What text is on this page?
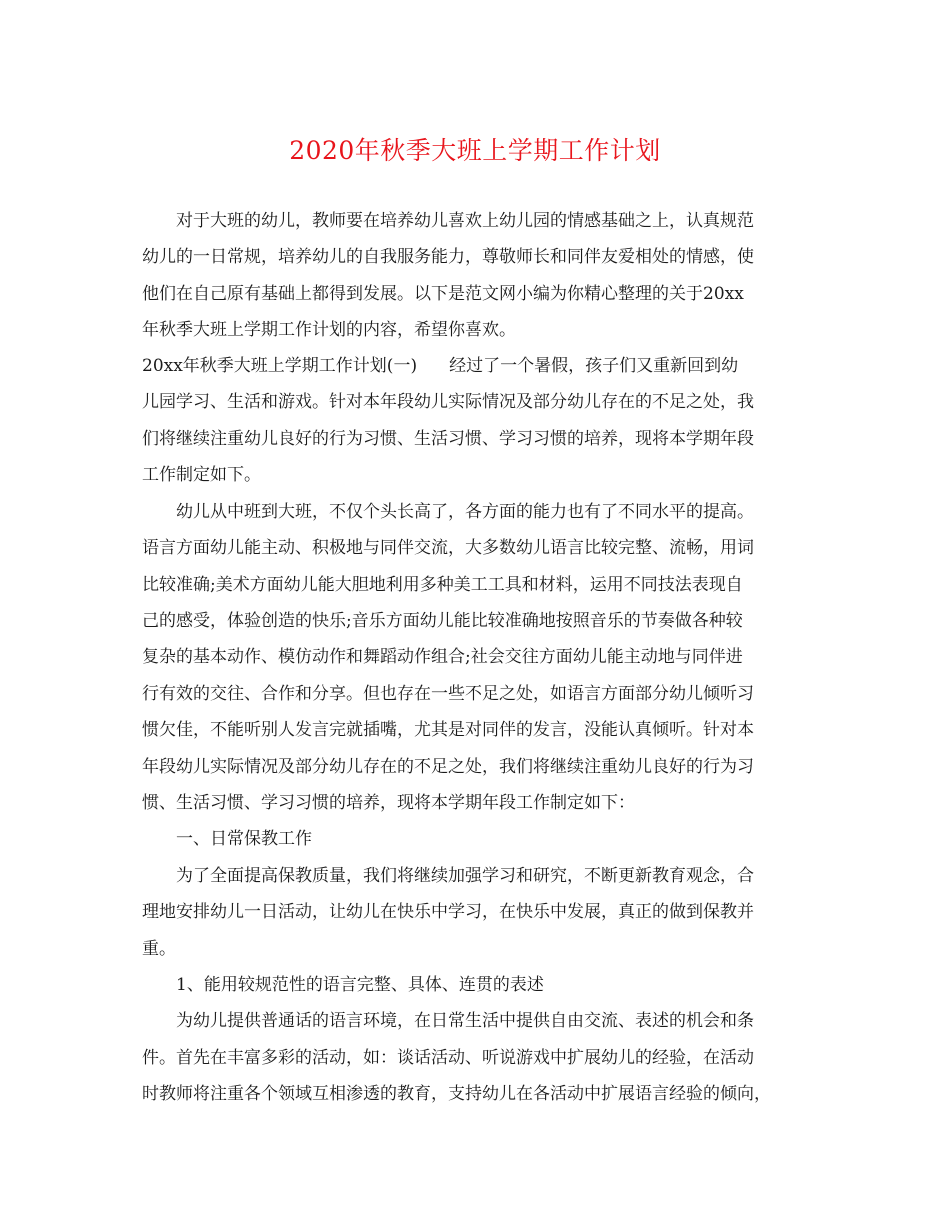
2020年秋季大班上学期工作计划
对于大班的幼儿，教师要在培养幼儿喜欢上幼儿园的情感基础之上，认真规范
幼儿的一日常规，培养幼儿的自我服务能力，尊敬师长和同伴友爱相处的情感，使
他们在自己原有基础上都得到发展。以下是范文网小编为你精心整理的关于20xx
年秋季大班上学期工作计划的内容，希望你喜欢。
20xx年秋季大班上学期工作计划(一) 经过了一个暑假，孩子们又重新回到幼
儿园学习、生活和游戏。针对本年段幼儿实际情况及部分幼儿存在的不足之处，我
们将继续注重幼儿良好的行为习惯、生活习惯、学习习惯的培养，现将本学期年段
工作制定如下。
幼儿从中班到大班，不仅个头长高了，各方面的能力也有了不同水平的提高。
语言方面幼儿能主动、积极地与同伴交流，大多数幼儿语言比较完整、流畅，用词
比较准确;美术方面幼儿能大胆地利用多种美工工具和材料，运用不同技法表现自
己的感受，体验创造的快乐;音乐方面幼儿能比较准确地按照音乐的节奏做各种较
复杂的基本动作、模仿动作和舞蹈动作组合;社会交往方面幼儿能主动地与同伴进
行有效的交往、合作和分享。但也存在一些不足之处，如语言方面部分幼儿倾听习
惯欠佳，不能听别人发言完就插嘴，尤其是对同伴的发言，没能认真倾听。针对本
年段幼儿实际情况及部分幼儿存在的不足之处，我们将继续注重幼儿良好的行为习
惯、生活习惯、学习习惯的培养，现将本学期年段工作制定如下：
一、日常保教工作
为了全面提高保教质量，我们将继续加强学习和研究，不断更新教育观念，合
理地安排幼儿一日活动，让幼儿在快乐中学习，在快乐中发展，真正的做到保教并
重。
1、能用较规范性的语言完整、具体、连贯的表述
为幼儿提供普通话的语言环境，在日常生活中提供自由交流、表述的机会和条
件。首先在丰富多彩的活动，如：谈话活动、听说游戏中扩展幼儿的经验，在活动
时教师将注重各个领域互相渗透的教育，支持幼儿在各活动中扩展语言经验的倾向，
